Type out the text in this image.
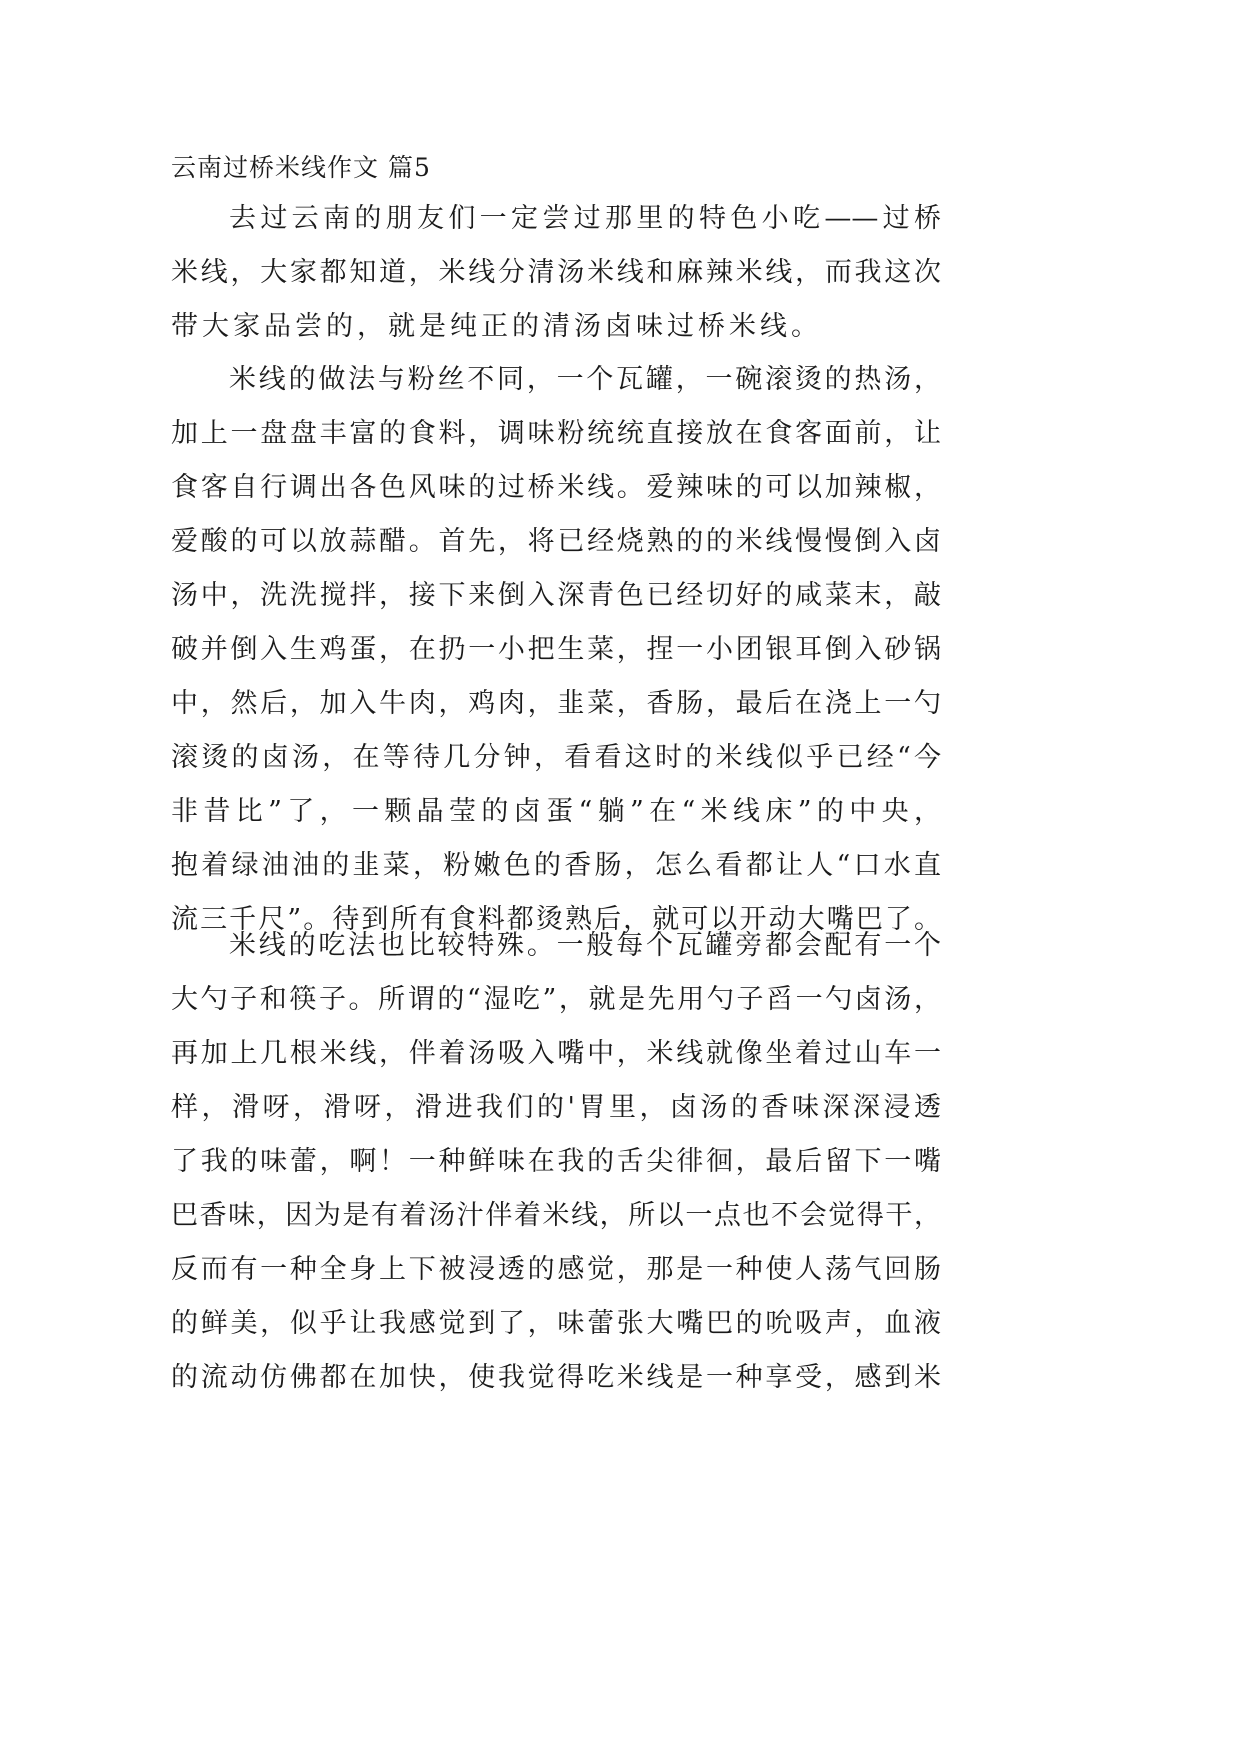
云南过桥米线作文 篇5

去过云南的朋友们一定尝过那里的特色小吃——过桥
米线，大家都知道，米线分清汤米线和麻辣米线，而我这次
带大家品尝的，就是纯正的清汤卤味过桥米线。

米线的做法与粉丝不同，一个瓦罐，一碗滚烫的热汤，
加上一盘盘丰富的食料，调味粉统统直接放在食客面前，让
食客自行调出各色风味的过桥米线。爱辣味的可以加辣椒，
爱酸的可以放蒜醋。首先，将已经烧熟的的米线慢慢倒入卤
汤中，洗洗搅拌，接下来倒入深青色已经切好的咸菜末，敲
破并倒入生鸡蛋，在扔一小把生菜，捏一小团银耳倒入砂锅
中，然后，加入牛肉，鸡肉，韭菜，香肠，最后在浇上一勺
滚烫的卤汤，在等待几分钟，看看这时的米线似乎已经“今
非昔比”了，一颗晶莹的卤蛋“躺”在“米线床”的中央，
抱着绿油油的韭菜，粉嫩色的香肠，怎么看都让人“口水直
流三千尺”。待到所有食料都烫熟后，就可以开动大嘴巴了。

米线的吃法也比较特殊。一般每个瓦罐旁都会配有一个
大勺子和筷子。所谓的“湿吃”，就是先用勺子舀一勺卤汤，
再加上几根米线，伴着汤吸入嘴中，米线就像坐着过山车一
样，滑呀，滑呀，滑进我们的'胃里，卤汤的香味深深浸透
了我的味蕾，啊！一种鲜味在我的舌尖徘徊，最后留下一嘴
巴香味，因为是有着汤汁伴着米线，所以一点也不会觉得干，
反而有一种全身上下被浸透的感觉，那是一种使人荡气回肠
的鲜美，似乎让我感觉到了，味蕾张大嘴巴的吮吸声，血液
的流动仿佛都在加快，使我觉得吃米线是一种享受，感到米
